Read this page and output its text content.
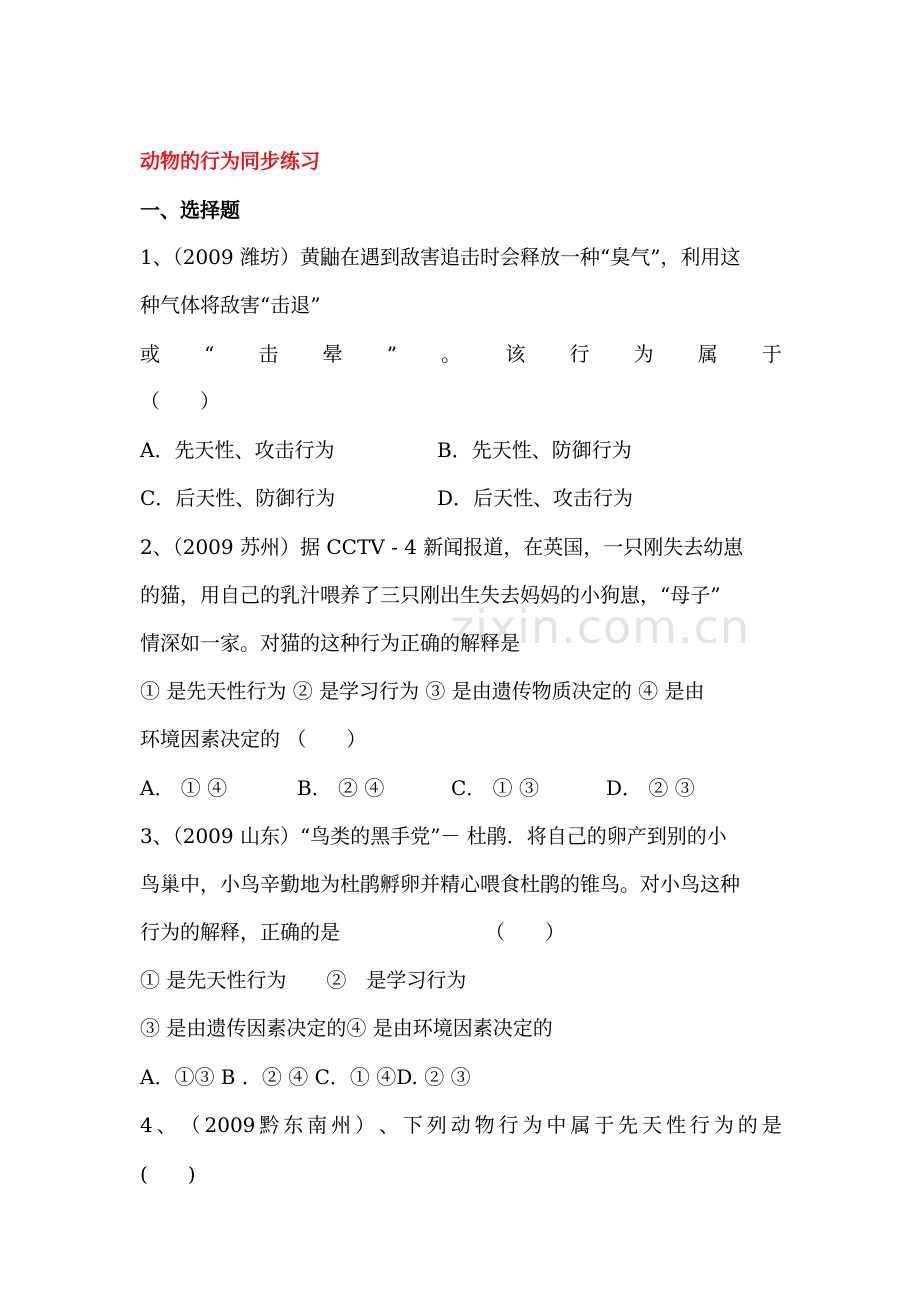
zixin.com.cn
动物的行为同步练习
一、选择题
1、（2009 潍坊）黄鼬在遇到敌害追击时会释放一种“臭气”，利用这
种气体将敌害“击退”
或 “ 击 晕 ” 。 该 行 为 属 于
（　　）
A．先天性、攻击行为	B．先天性、防御行为
C．后天性、防御行为	D．后天性、攻击行为
2、（2009 苏州）据 CCTV - 4 新闻报道，在英国，一只刚失去幼崽
的猫，用自己的乳汁喂养了三只刚出生失去妈妈的小狗崽，“母子”
情深如一家。对猫的这种行为正确的解释是
① 是先天性行为 ② 是学习行为 ③ 是由遗传物质决定的 ④ 是由
环境因素决定的 （　　）
A． ① ④	B． ② ④	C． ① ③	D． ② ③
3、（2009 山东）“鸟类的黑手党”－ 杜鹃．将自己的卵产到别的小
鸟巢中，小鸟辛勤地为杜鹃孵卵并精心喂食杜鹃的锥鸟。对小鸟这种
行为的解释，正确的是	（　　）
① 是先天性行为　　②　是学习行为
③ 是由遗传因素决定的④ 是由环境因素决定的
A．①③ B ．② ④ C．① ④D. ② ③
4 、 （ 2009 黔 东 南 州 ） 、 下 列 动 物 行 为 中 属 于 先 天 性 行 为 的 是
(　　)
